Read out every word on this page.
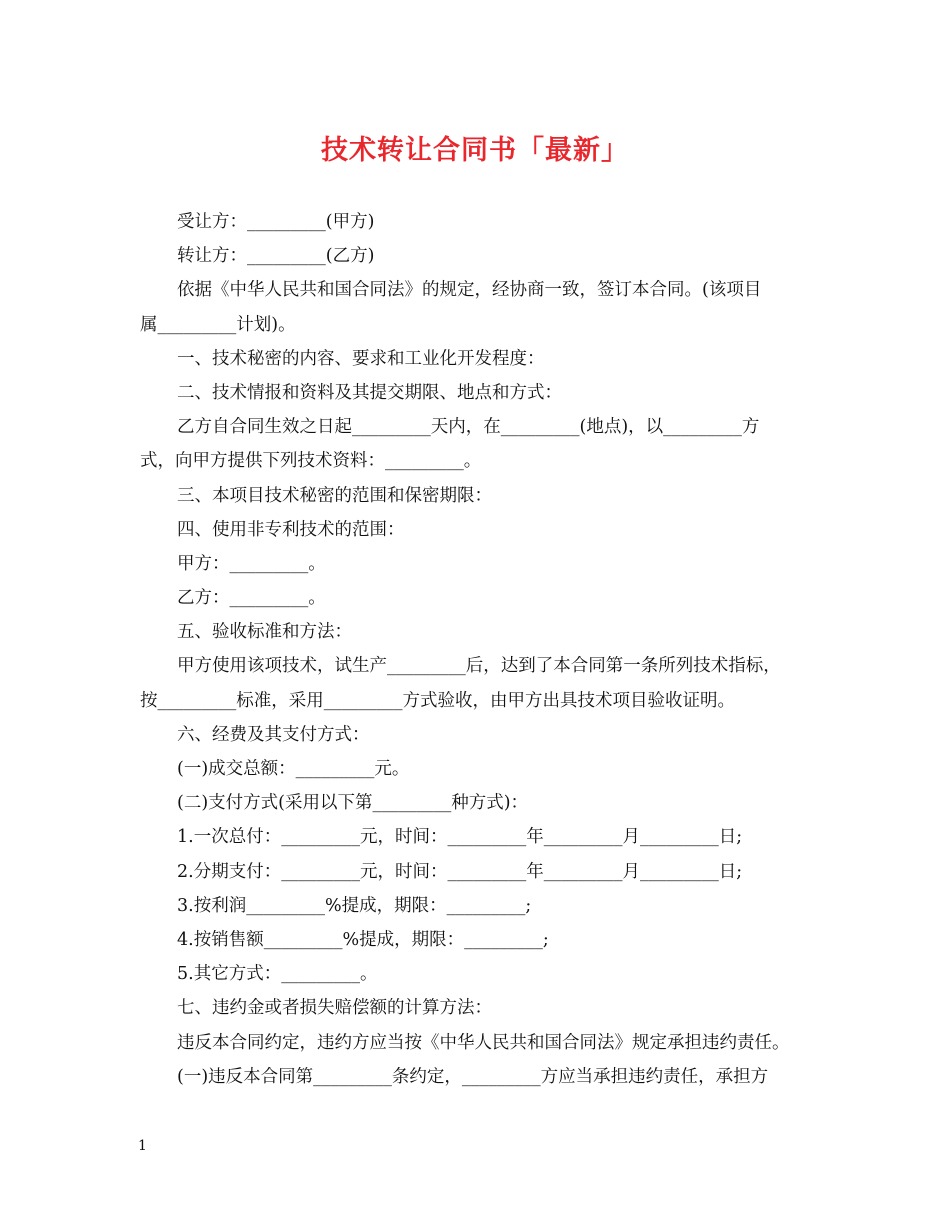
技术转让合同书「最新」
受让方：_________(甲方)
转让方：_________(乙方)
依据《中华人民共和国合同法》的规定，经协商一致，签订本合同。(该项目
属_________计划)。
一、技术秘密的内容、要求和工业化开发程度：
二、技术情报和资料及其提交期限、地点和方式：
乙方自合同生效之日起_________天内，在_________(地点)，以_________方
式，向甲方提供下列技术资料：_________。
三、本项目技术秘密的范围和保密期限：
四、使用非专利技术的范围：
甲方：_________。
乙方：_________。
五、验收标准和方法：
甲方使用该项技术，试生产_________后，达到了本合同第一条所列技术指标，
按_________标准，采用_________方式验收，由甲方出具技术项目验收证明。
六、经费及其支付方式：
(一)成交总额：_________元。
(二)支付方式(采用以下第_________种方式)：
1.一次总付：_________元，时间：_________年_________月_________日;
2.分期支付：_________元，时间：_________年_________月_________日;
3.按利润_________%提成，期限：_________;
4.按销售额_________%提成，期限：_________;
5.其它方式：_________。
七、违约金或者损失赔偿额的计算方法：
违反本合同约定，违约方应当按《中华人民共和国合同法》规定承担违约责任。
(一)违反本合同第_________条约定，_________方应当承担违约责任，承担方
1
